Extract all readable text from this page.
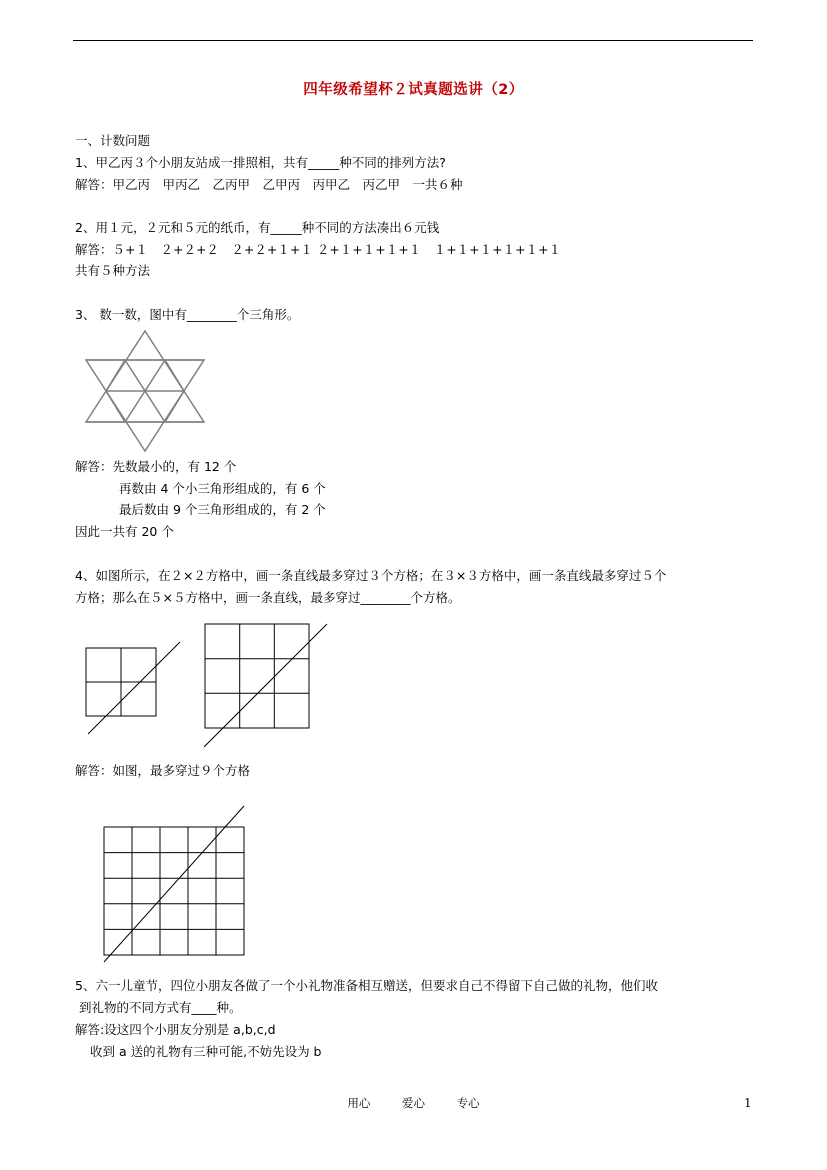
四年级希望杯２试真题选讲（2）
一、计数问题
1、甲乙丙３个小朋友站成一排照相，共有_____种不同的排列方法?
解答：甲乙丙　甲丙乙　乙丙甲　乙甲丙　丙甲乙　丙乙甲　一共６种
2、用１元，２元和５元的纸币，有_____种不同的方法凑出６元钱
解答：５+１　２+２+２　２+２+１+１ ２+１+１+１+１　１+１+１+１+１+１
共有５种方法
3、 数一数，图中有________个三角形。
解答：先数最小的，有 12 个
再数由 4 个小三角形组成的，有 6 个
最后数由 9 个三角形组成的，有 2 个
因此一共有 20 个
4、如图所示，在２×２方格中，画一条直线最多穿过３个方格；在３×３方格中，画一条直线最多穿过５个
方格；那么在５×５方格中，画一条直线，最多穿过________个方格。
解答：如图，最多穿过９个方格
5、六一儿童节，四位小朋友各做了一个小礼物准备相互赠送，但要求自己不得留下自己做的礼物，他们收
到礼物的不同方式有____种。
解答:设这四个小朋友分别是 a,b,c,d
收到 a 送的礼物有三种可能,不妨先设为 b
用心	爱心	专心	1
